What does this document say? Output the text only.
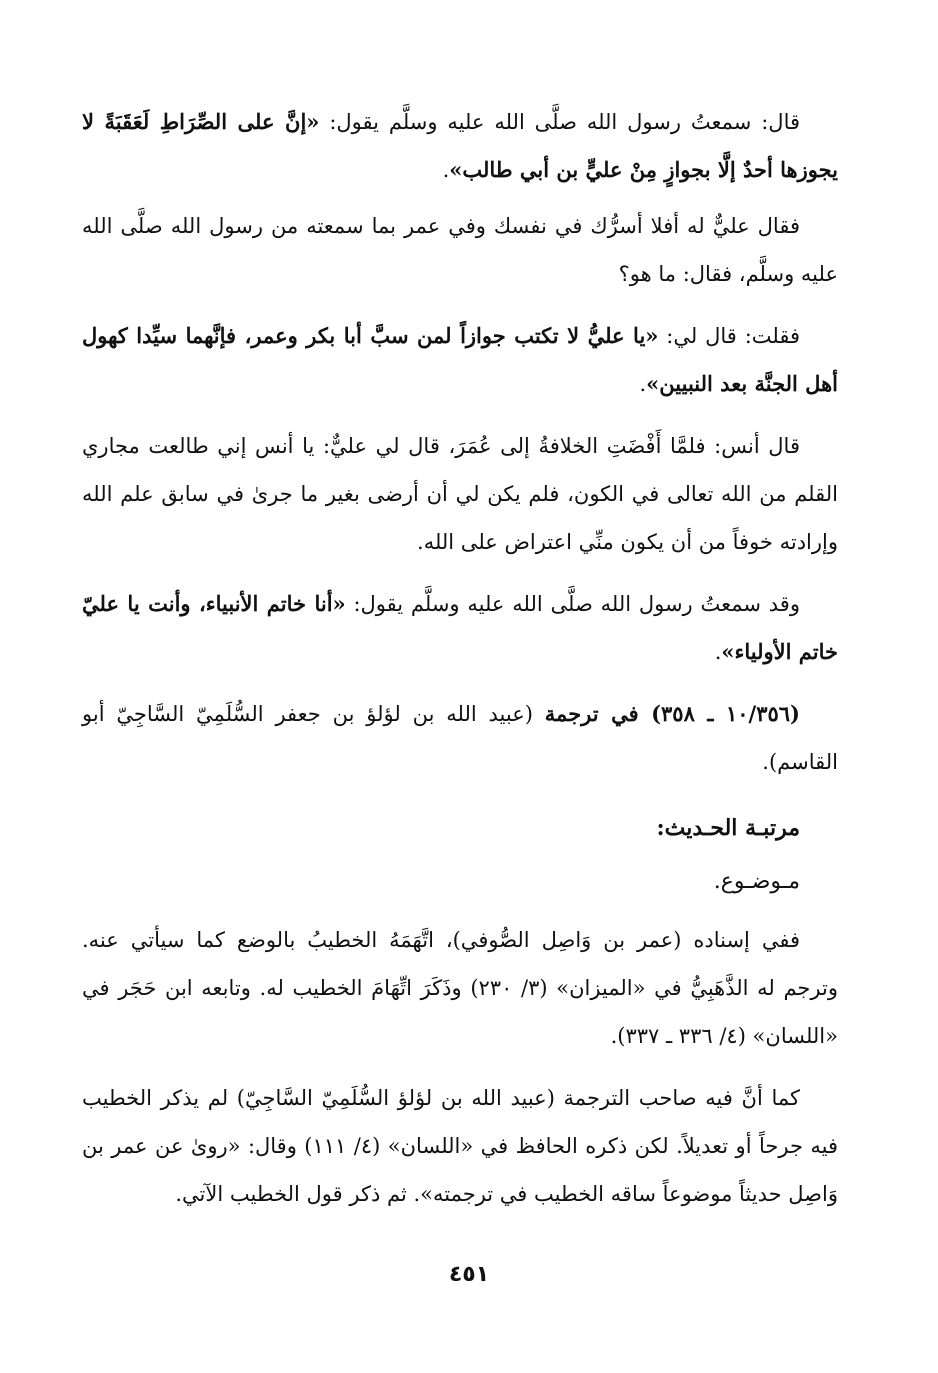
قال: سمعتُ رسول الله صلَّى الله عليه وسلَّم يقول: «إنَّ على الصِّرَاطِ لَعَقَبَةً لا يجوزها أحدٌ إلَّا بجوازٍ مِنْ عليٍّ بن أبي طالب».

فقال عليٌّ له أفلا أسرُّك في نفسك وفي عمر بما سمعته من رسول الله صلَّى الله عليه وسلَّم، فقال: ما هو؟

فقلت: قال لي: «يا عليُّ لا تكتب جوازاً لمن سبَّ أبا بكر وعمر، فإنَّهما سيِّدا كهول أهل الجنَّة بعد النبيين».

قال أنس: فلمَّا أَفْضَتِ الخلافةُ إلى عُمَرَ، قال لي عليٌّ: يا أنس إني طالعت مجاري القلم من الله تعالى في الكون، فلم يكن لي أن أرضى بغير ما جرىٰ في سابق علم الله وإرادته خوفاً من أن يكون منِّي اعتراض على الله.

وقد سمعتُ رسول الله صلَّى الله عليه وسلَّم يقول: «أنا خاتم الأنبياء، وأنت يا عليّ خاتم الأولياء».

(١٠/٣٥٦ ـ ٣٥٨) في ترجمة (عبيد الله بن لؤلؤ بن جعفر السُّلَمِيّ السَّاجِيّ أبو القاسم).

مرتبـة الحـديث:
مـوضـوع.

ففي إسناده (عمر بن وَاصِل الصُّوفي)، اتَّهَمَهُ الخطيبُ بالوضع كما سيأتي عنه. وترجم له الذَّهَبِيُّ في «الميزان» (٣/ ٢٣٠) وذَكَرَ اتِّهَامَ الخطيب له. وتابعه ابن حَجَر في «اللسان» (٤/ ٣٣٦ ـ ٣٣٧).

كما أنَّ فيه صاحب الترجمة (عبيد الله بن لؤلؤ السُّلَمِيّ السَّاجِيّ) لم يذكر الخطيب فيه جرحاً أو تعديلاً. لكن ذكره الحافظ في «اللسان» (٤/ ١١١) وقال: «روىٰ عن عمر بن وَاصِل حديثاً موضوعاً ساقه الخطيب في ترجمته». ثم ذكر قول الخطيب الآتي.

٤٥١
